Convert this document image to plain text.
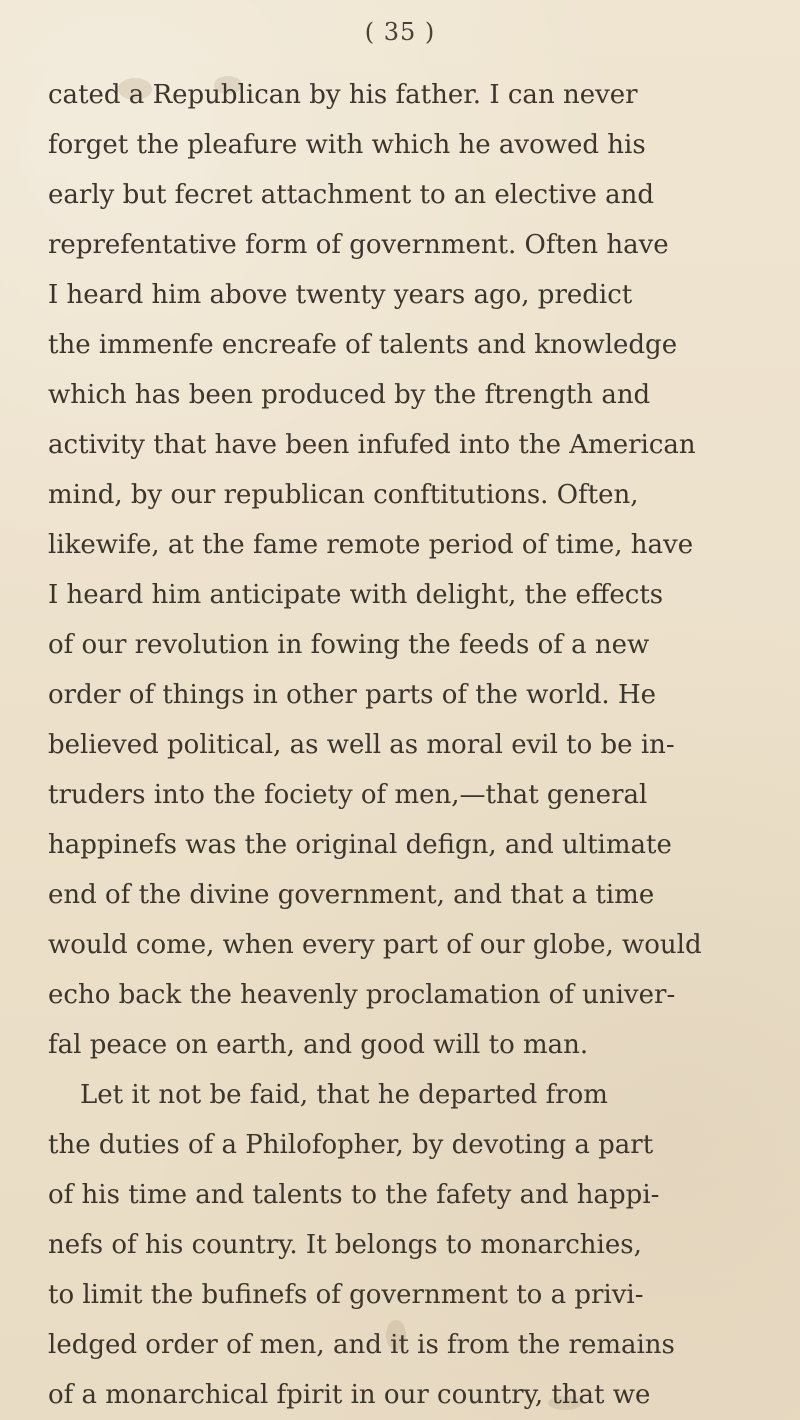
( 35 )
cated a Republican by his father. I can never
forget the pleafure with which he avowed his
early but fecret attachment to an elective and
reprefentative form of government. Often have
I heard him above twenty years ago, predict
the immenfe encreafe of talents and knowledge
which has been produced by the ftrength and
activity that have been infufed into the American
mind, by our republican conftitutions. Often,
likewife, at the fame remote period of time, have
I heard him anticipate with delight, the effects
of our revolution in fowing the feeds of a new
order of things in other parts of the world. He
believed political, as well as moral evil to be in-
truders into the fociety of men,—that general
happinefs was the original defign, and ultimate
end of the divine government, and that a time
would come, when every part of our globe, would
echo back the heavenly proclamation of univer-
fal peace on earth, and good will to man.
Let it not be faid, that he departed from
the duties of a Philofopher, by devoting a part
of his time and talents to the fafety and happi-
nefs of his country. It belongs to monarchies,
to limit the bufinefs of government to a privi-
ledged order of men, and it is from the remains
of a monarchical fpirit in our country, that we
